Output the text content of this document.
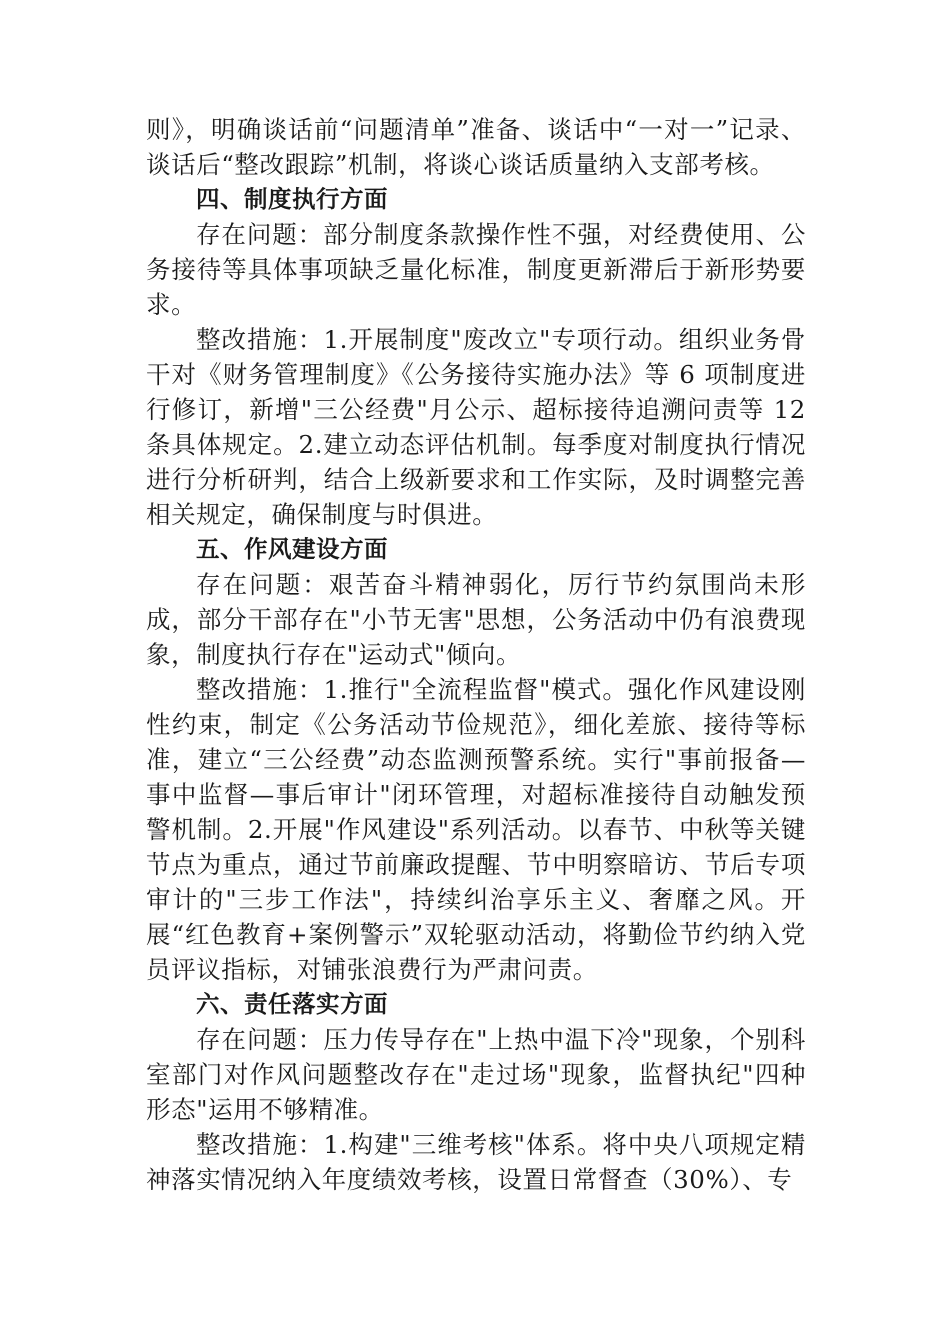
则》，明确谈话前“问题清单”准备、谈话中“一对一”记录、谈话后“整改跟踪”机制，将谈心谈话质量纳入支部考核。

四、制度执行方面

存在问题：部分制度条款操作性不强，对经费使用、公务接待等具体事项缺乏量化标准，制度更新滞后于新形势要求。

整改措施：1.开展制度"废改立"专项行动。组织业务骨干对《财务管理制度》《公务接待实施办法》等 6 项制度进行修订，新增"三公经费"月公示、超标接待追溯问责等 12 条具体规定。2.建立动态评估机制。每季度对制度执行情况进行分析研判，结合上级新要求和工作实际，及时调整完善相关规定，确保制度与时俱进。

五、作风建设方面

存在问题：艰苦奋斗精神弱化，厉行节约氛围尚未形成，部分干部存在"小节无害"思想，公务活动中仍有浪费现象，制度执行存在"运动式"倾向。

整改措施：1.推行"全流程监督"模式。强化作风建设刚性约束，制定《公务活动节俭规范》，细化差旅、接待等标准，建立“三公经费”动态监测预警系统。实行"事前报备—事中监督—事后审计"闭环管理，对超标准接待自动触发预警机制。2.开展"作风建设"系列活动。以春节、中秋等关键节点为重点，通过节前廉政提醒、节中明察暗访、节后专项审计的"三步工作法"，持续纠治享乐主义、奢靡之风。开展“红色教育+案例警示”双轮驱动活动，将勤俭节约纳入党员评议指标，对铺张浪费行为严肃问责。

六、责任落实方面

存在问题：压力传导存在"上热中温下冷"现象，个别科室部门对作风问题整改存在"走过场"现象，监督执纪"四种形态"运用不够精准。

整改措施：1.构建"三维考核"体系。将中央八项规定精神落实情况纳入年度绩效考核，设置日常督查（30%）、专
